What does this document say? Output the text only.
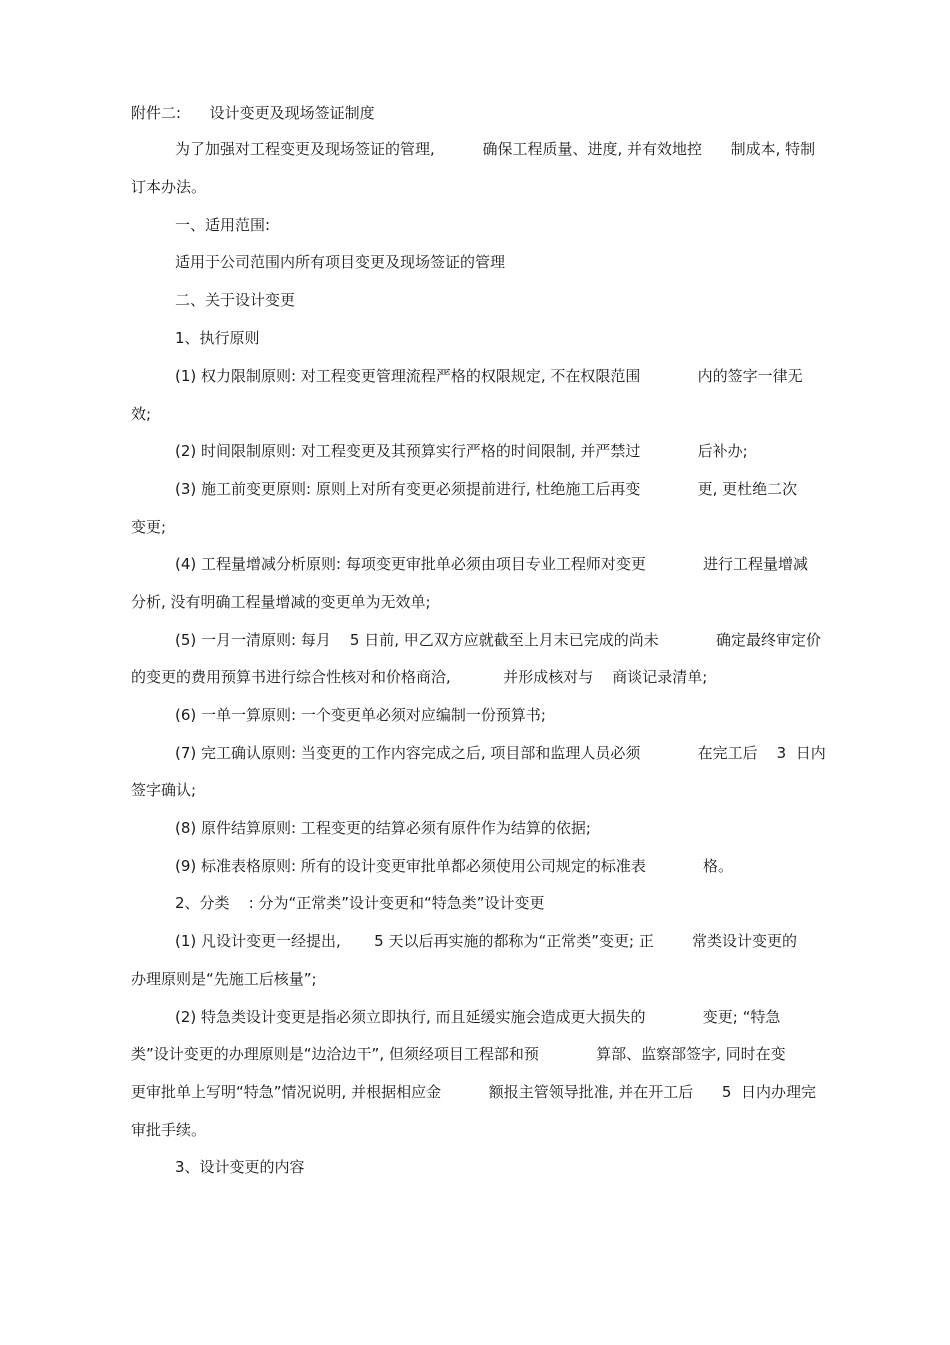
附件二:      设计变更及现场签证制度
为了加强对工程变更及现场签证的管理,          确保工程质量、进度, 并有效地控      制成本, 特制
订本办法。
一、适用范围:
适用于公司范围内所有项目变更及现场签证的管理
二、关于设计变更
1、执行原则
(1) 权力限制原则: 对工程变更管理流程严格的权限规定, 不在权限范围            内的签字一律无
效;
(2) 时间限制原则: 对工程变更及其预算实行严格的时间限制, 并严禁过            后补办;
(3) 施工前变更原则: 原则上对所有变更必须提前进行, 杜绝施工后再变            更, 更杜绝二次
变更;
(4) 工程量增减分析原则: 每项变更审批单必须由项目专业工程师对变更            进行工程量增减
分析, 没有明确工程量增减的变更单为无效单;
(5) 一月一清原则: 每月    5 日前, 甲乙双方应就截至上月末已完成的尚未            确定最终审定价
的变更的费用预算书进行综合性核对和价格商洽,           并形成核对与    商谈记录清单;
(6) 一单一算原则: 一个变更单必须对应编制一份预算书;
(7) 完工确认原则: 当变更的工作内容完成之后, 项目部和监理人员必须            在完工后    3  日内
签字确认;
(8) 原件结算原则: 工程变更的结算必须有原件作为结算的依据;
(9) 标准表格原则: 所有的设计变更审批单都必须使用公司规定的标准表            格。
2、分类    : 分为“正常类”设计变更和“特急类”设计变更
(1) 凡设计变更一经提出,       5 天以后再实施的都称为“正常类”变更; 正        常类设计变更的
办理原则是“先施工后核量”;
(2) 特急类设计变更是指必须立即执行, 而且延缓实施会造成更大损失的            变更; “特急
类”设计变更的办理原则是“边洽边干”, 但须经项目工程部和预            算部、监察部签字, 同时在变
更审批单上写明“特急”情况说明, 并根据相应金          额报主管领导批准, 并在开工后      5  日内办理完
审批手续。
3、设计变更的内容
